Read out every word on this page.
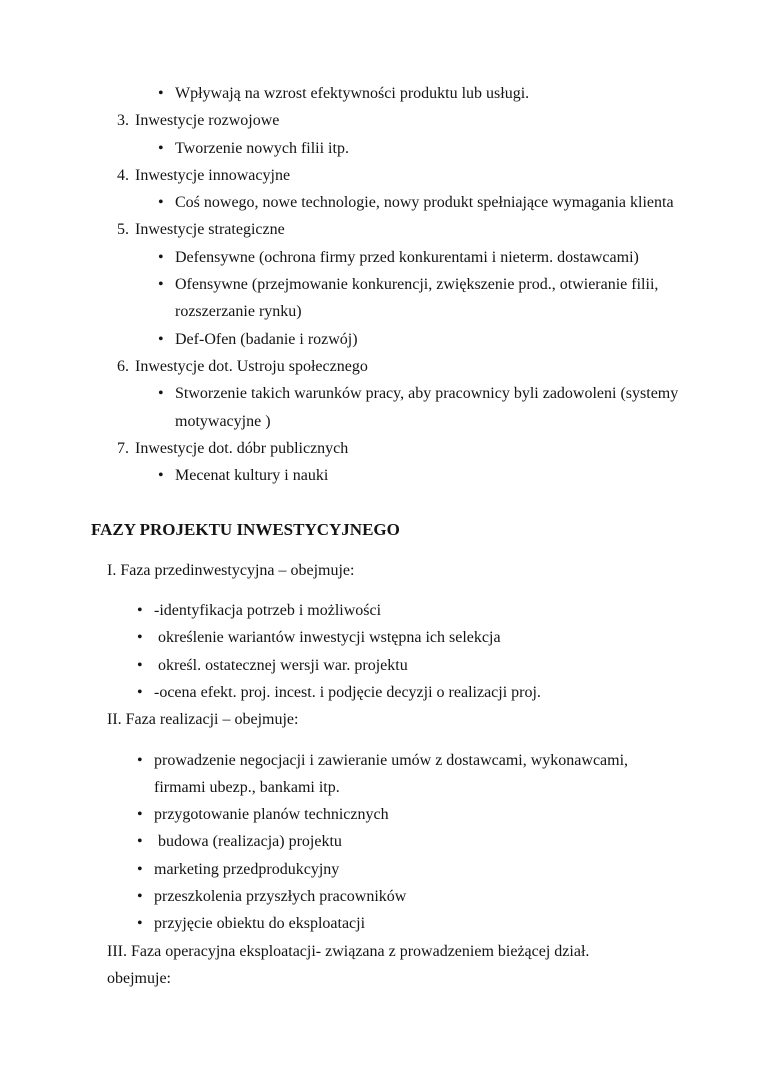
• Wpływają na wzrost efektywności produktu lub usługi.
3. Inwestycje rozwojowe
• Tworzenie nowych filii itp.
4. Inwestycje innowacyjne
• Coś nowego, nowe technologie, nowy produkt spełniające wymagania klienta
5. Inwestycje strategiczne
• Defensywne (ochrona firmy przed konkurentami i nieterm. dostawcami)
• Ofensywne (przejmowanie konkurencji, zwiększenie prod., otwieranie filii, rozszerzanie rynku)
• Def-Ofen (badanie i rozwój)
6. Inwestycje dot. Ustroju społecznego
• Stworzenie takich warunków pracy, aby pracownicy byli zadowoleni (systemy motywacyjne )
7. Inwestycje dot. dóbr publicznych
• Mecenat kultury i nauki
FAZY PROJEKTU INWESTYCYJNEGO
I. Faza przedinwestycyjna – obejmuje:
• -identyfikacja potrzeb i możliwości
• określenie wariantów inwestycji wstępna ich selekcja
• określ. ostatecznej wersji war. projektu
• -ocena efekt. proj. incest. i podjęcie decyzji o realizacji proj.
II. Faza realizacji – obejmuje:
• prowadzenie negocjacji i zawieranie umów z dostawcami, wykonawcami, firmami ubezp., bankami itp.
• przygotowanie planów technicznych
• budowa (realizacja) projektu
• marketing przedprodukcyjny
• przeszkolenia przyszłych pracowników
• przyjęcie obiektu do eksploatacji
III. Faza operacyjna eksploatacji- związana z prowadzeniem bieżącej dział. obejmuje:
